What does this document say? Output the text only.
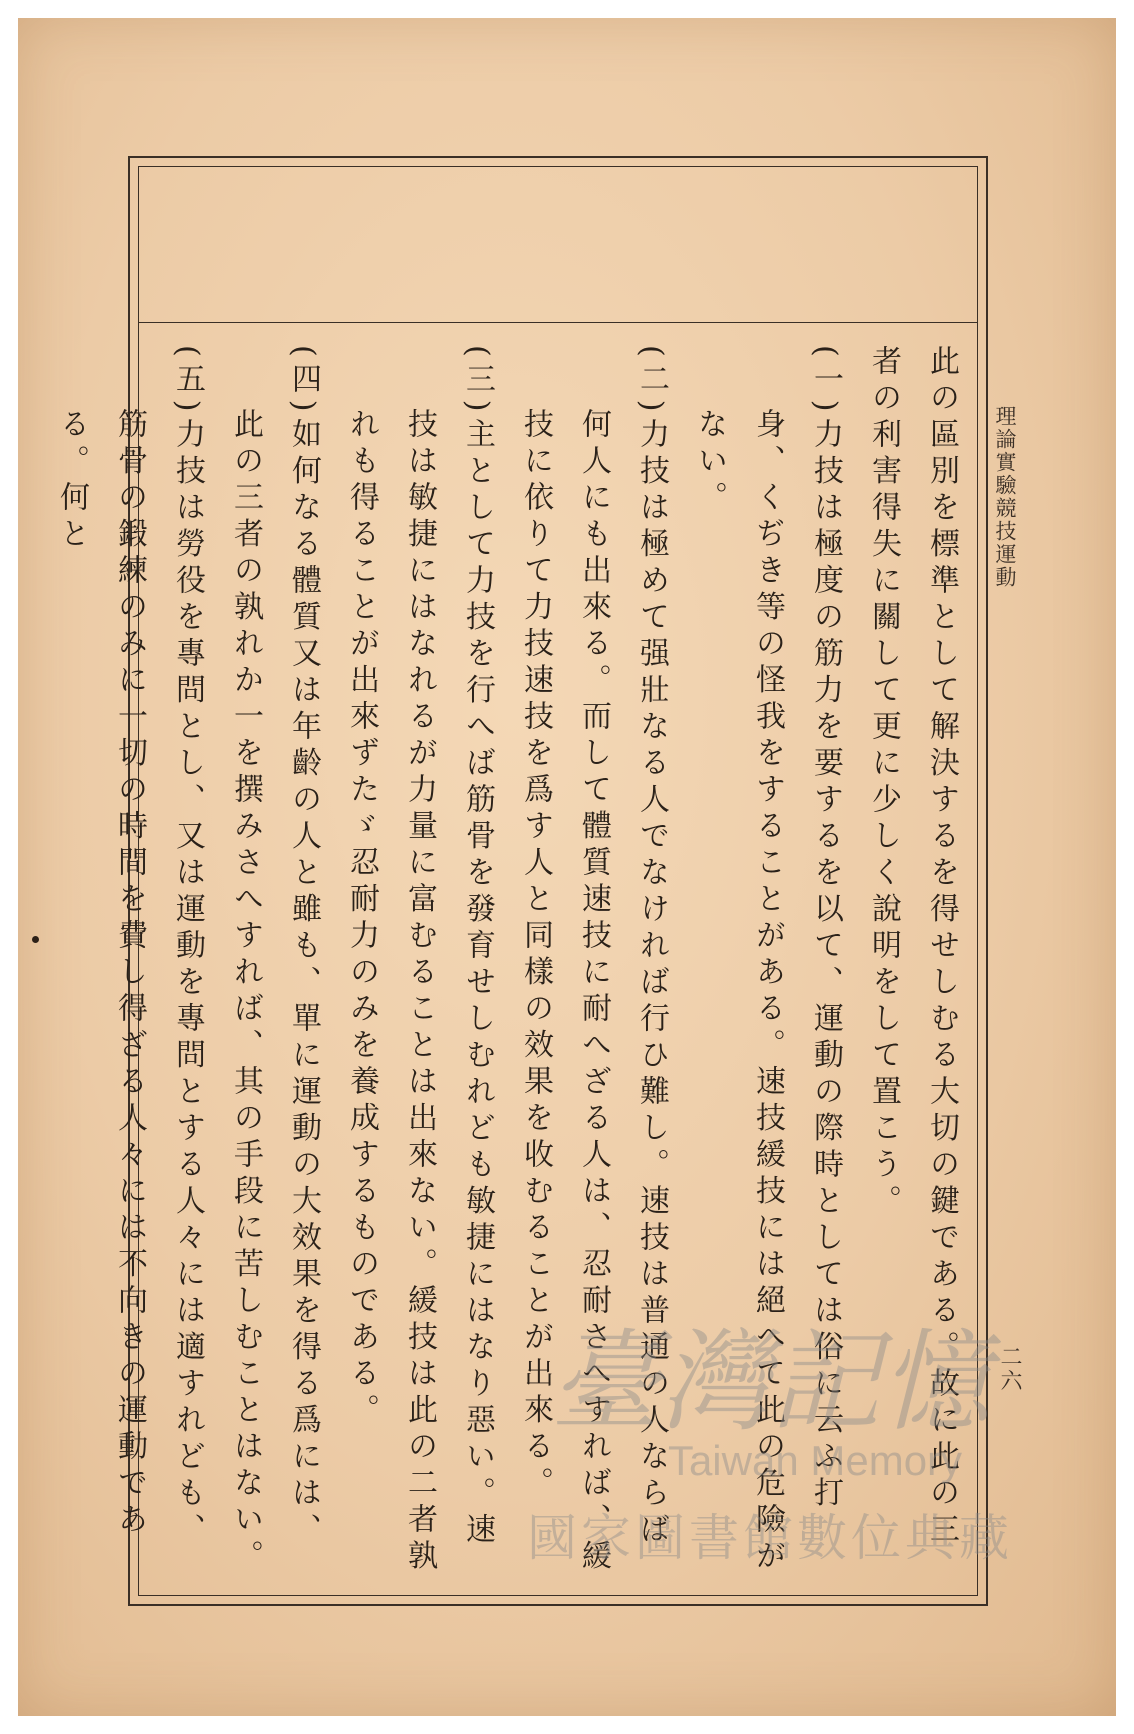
理論實驗競技運動
二六

此の區別を標準として解決するを得せしむる大切の鍵である。故に此の三者の利害得失に關して更に少しく說明をして置こう。

(一)力技は極度の筋力を要するを以て、運動の際時としては俗に云ふ打身、くぢき等の怪我をすることがある。速技緩技には絕へて此の危險がない。

(二)力技は極めて强壯なる人でなければ行ひ難し。速技は普通の人ならば何人にも出來る。而して體質速技に耐へざる人は、忍耐さへすれば、緩技に依りて力技速技を爲す人と同樣の效果を收むることが出來る。

(三)主として力技を行へば筋骨を發育せしむれども敏捷にはなり惡い。速技は敏捷にはなれるが力量に富むることは出來ない。緩技は此の二者孰れも得ることが出來ずたゞ忍耐力のみを養成するものである。

(四)如何なる體質又は年齡の人と雖も、單に運動の大效果を得る爲には、此の三者の孰れか一を撰みさへすれば、其の手段に苦しむことはない。

(五)力技は勞役を專問とし、又は運動を專問とする人々には適すれども、筋骨の鍛練のみに一切の時間を費し得ざる人々には不向きの運動である。何と

臺灣記憶
Taiwan Memory
國家圖書館數位典藏
